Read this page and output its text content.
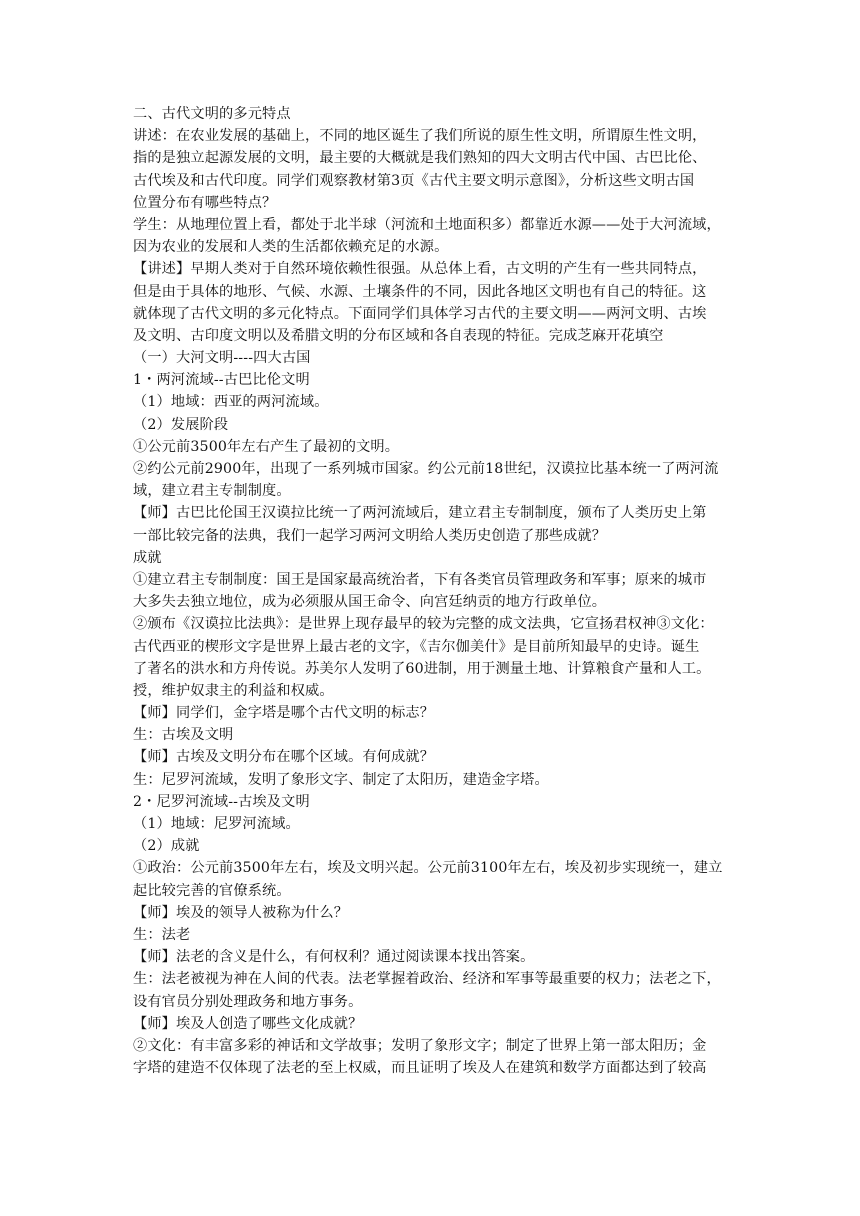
二、古代文明的多元特点
讲述：在农业发展的基础上，不同的地区诞生了我们所说的原生性文明，所谓原生性文明，
指的是独立起源发展的文明，最主要的大概就是我们熟知的四大文明古代中国、古巴比伦、
古代埃及和古代印度。同学们观察教材第3页《古代主要文明示意图》，分析这些文明古国
位置分布有哪些特点？
学生：从地理位置上看，都处于北半球（河流和土地面积多）都靠近水源——处于大河流域，
因为农业的发展和人类的生活都依赖充足的水源。
【讲述】早期人类对于自然环境依赖性很强。从总体上看，古文明的产生有一些共同特点，
但是由于具体的地形、气候、水源、土壤条件的不同，因此各地区文明也有自己的特征。这
就体现了古代文明的多元化特点。下面同学们具体学习古代的主要文明——两河文明、古埃
及文明、古印度文明以及希腊文明的分布区域和各自表现的特征。完成芝麻开花填空
（一）大河文明----四大古国
1・两河流域--古巴比伦文明
（1）地域：西亚的两河流域。
（2）发展阶段
①公元前3500年左右产生了最初的文明。
②约公元前2900年，出现了一系列城市国家。约公元前18世纪，汉谟拉比基本统一了两河流
域，建立君主专制制度。
【师】古巴比伦国王汉谟拉比统一了两河流域后，建立君主专制制度，颁布了人类历史上第
一部比较完备的法典，我们一起学习两河文明给人类历史创造了那些成就？
成就
①建立君主专制制度：国王是国家最高统治者，下有各类官员管理政务和军事；原来的城市
大多失去独立地位，成为必须服从国王命令、向宫廷纳贡的地方行政单位。
②颁布《汉谟拉比法典》：是世界上现存最早的较为完整的成文法典，它宣扬君权神③文化：
古代西亚的楔形文字是世界上最古老的文字，《吉尔伽美什》是目前所知最早的史诗。诞生
了著名的洪水和方舟传说。苏美尔人发明了60进制，用于测量土地、计算粮食产量和人工。
授，维护奴隶主的利益和权威。
【师】同学们，金字塔是哪个古代文明的标志？
生：古埃及文明
【师】古埃及文明分布在哪个区域。有何成就？
生：尼罗河流域，发明了象形文字、制定了太阳历，建造金字塔。
2・尼罗河流域--古埃及文明
（1）地域：尼罗河流域。
（2）成就
①政治：公元前3500年左右，埃及文明兴起。公元前3100年左右，埃及初步实现统一，建立
起比较完善的官僚系统。
【师】埃及的领导人被称为什么？
生：法老
【师】法老的含义是什么，有何权利？通过阅读课本找出答案。
生：法老被视为神在人间的代表。法老掌握着政治、经济和军事等最重要的权力；法老之下，
设有官员分别处理政务和地方事务。
【师】埃及人创造了哪些文化成就？
②文化：有丰富多彩的神话和文学故事；发明了象形文字；制定了世界上第一部太阳历；金
字塔的建造不仅体现了法老的至上权威，而且证明了埃及人在建筑和数学方面都达到了较高
